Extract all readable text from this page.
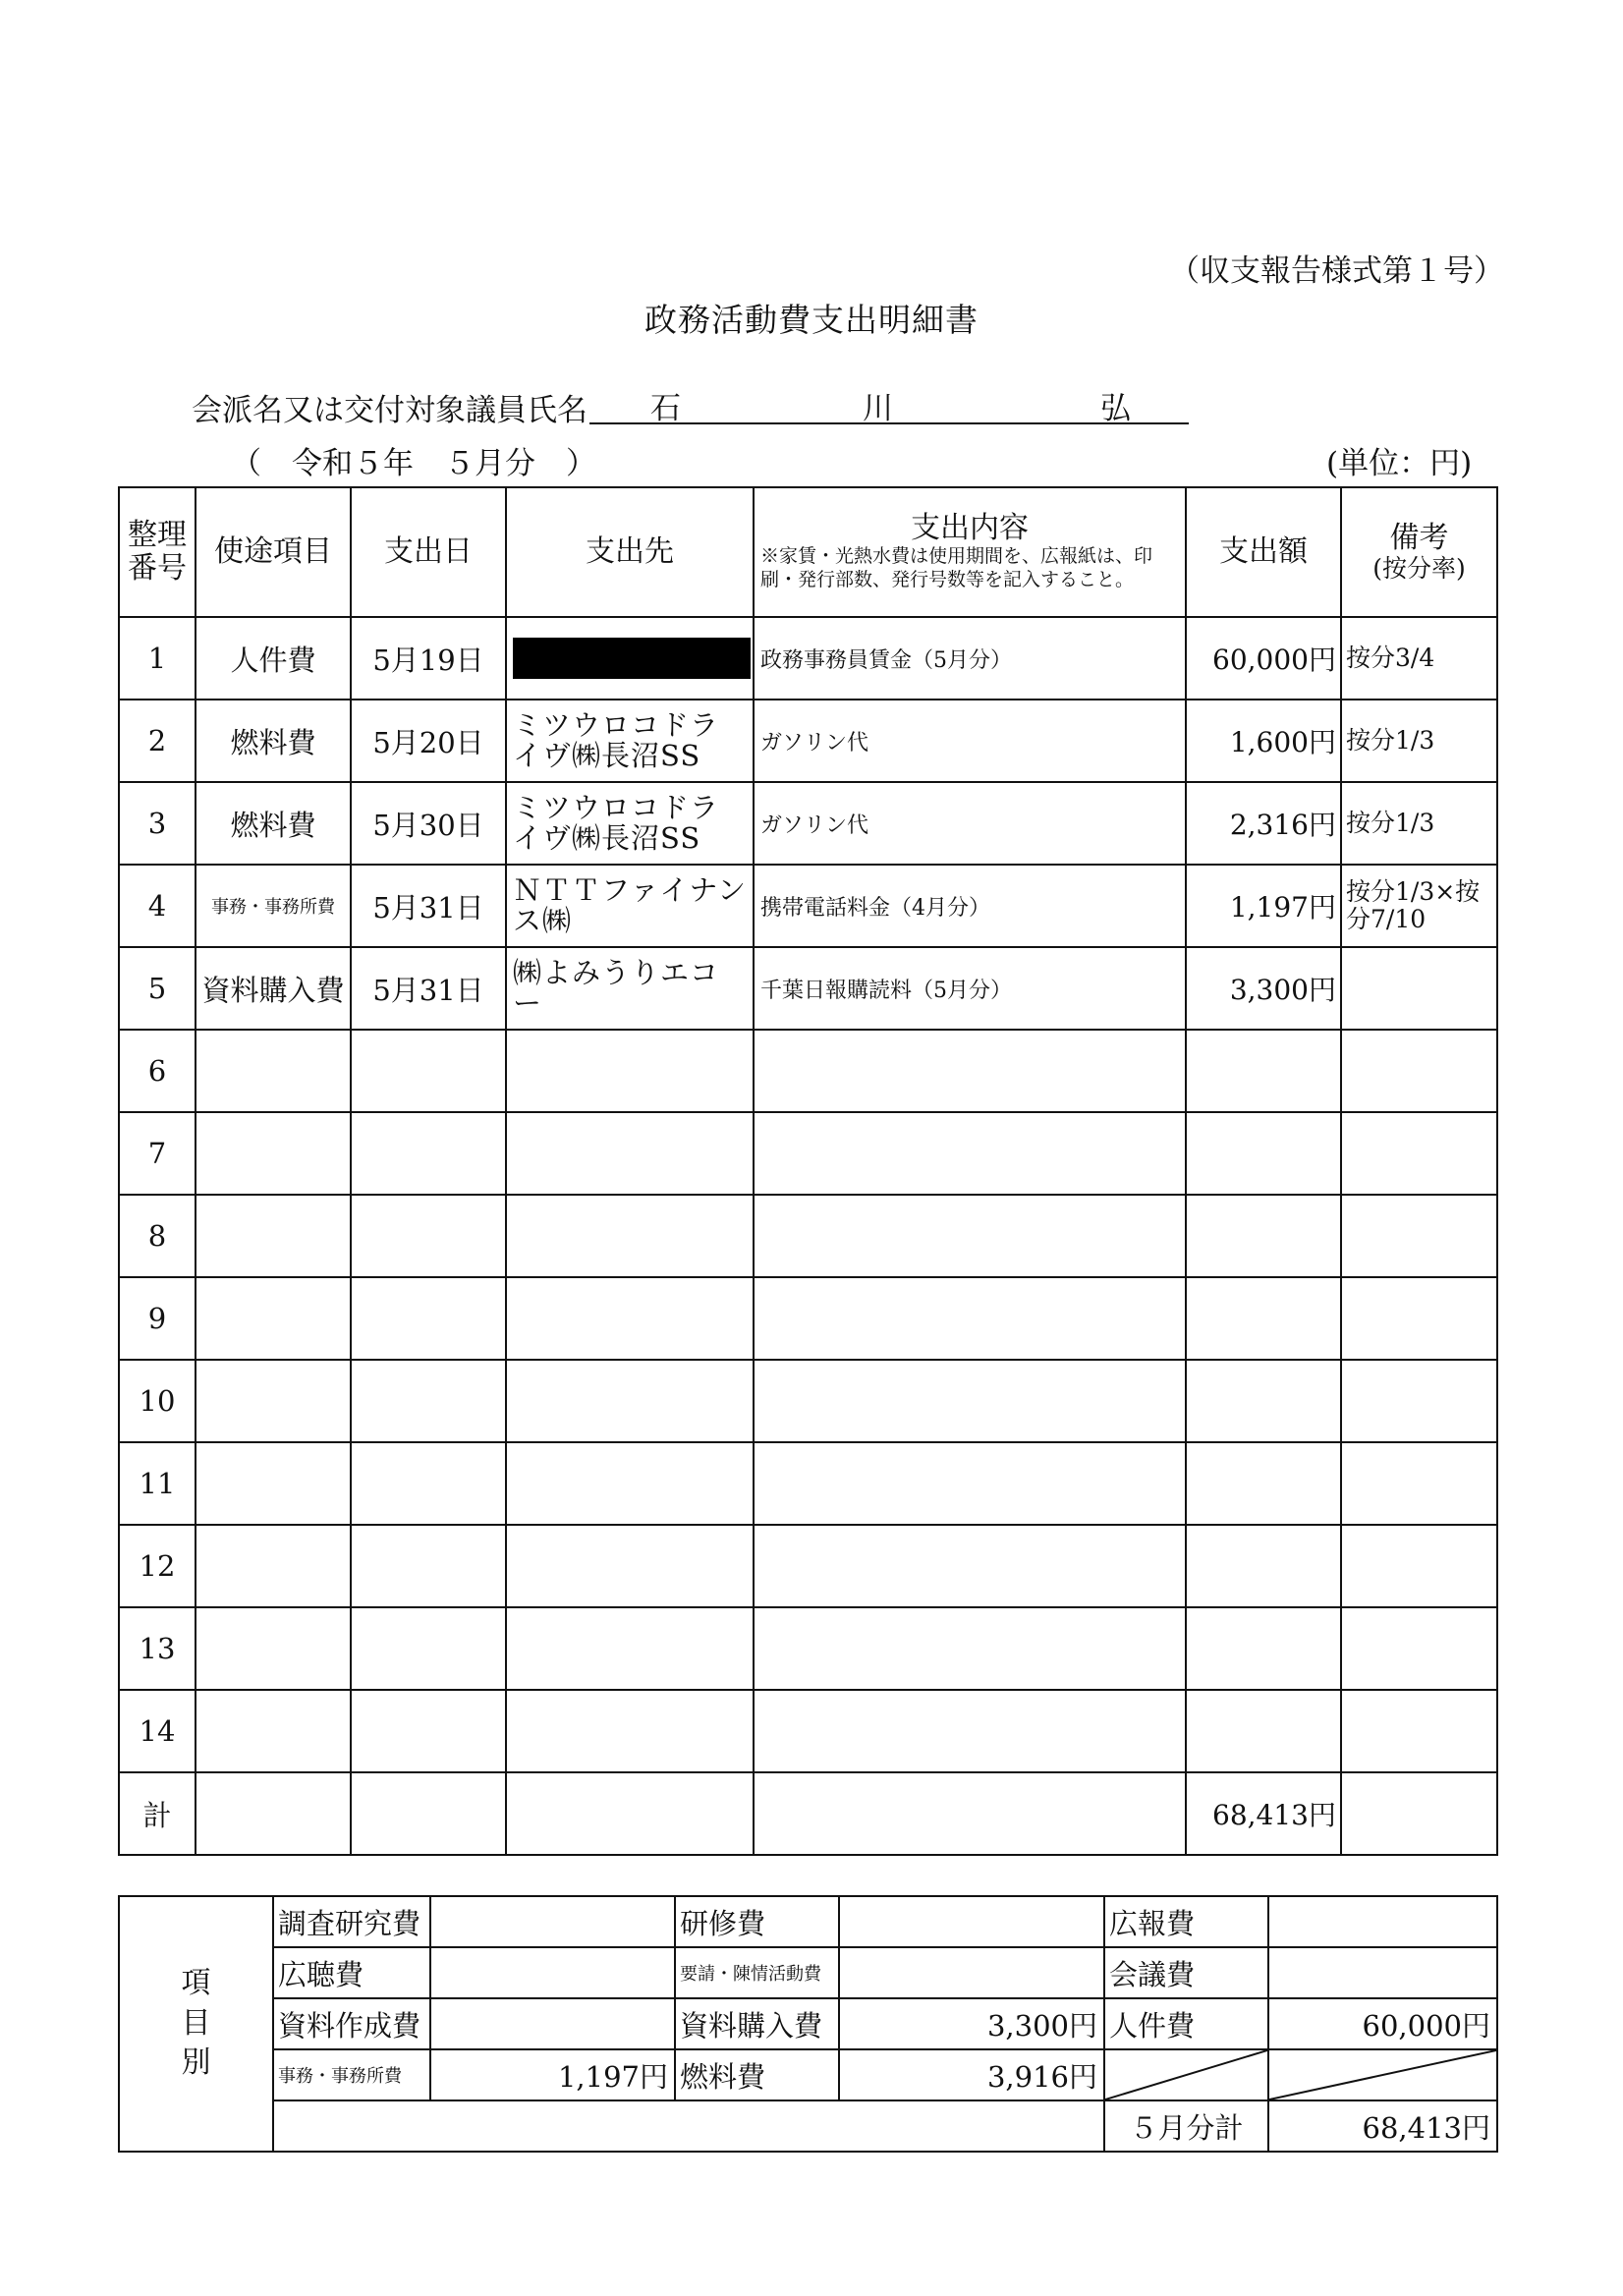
（収支報告様式第１号）
政務活動費支出明細書
会派名又は交付対象議員氏名 石	川	弘
（　令和５年　５月分　）	(単位：円)
整理番号	使途項目	支出日	支出先	支出内容
※家賃・光熱水費は使用期間を、広報紙は、印刷・発行部数、発行号数等を記入すること。	支出額	備考
(按分率)

1	人件費	5月19日		政務事務員賃金（5月分）	60,000円	按分3/4
2	燃料費	5月20日	ミツウロコドライヴ㈱長沼SS	ガソリン代	1,600円	按分1/3
3	燃料費	5月30日	ミツウロコドライヴ㈱長沼SS	ガソリン代	2,316円	按分1/3
4	事務・事務所費	5月31日	ＮＴＴファイナンス㈱	携帯電話料金（4月分）	1,197円	按分1/3×按分7/10
5	資料購入費	5月31日	㈱よみうりエコー	千葉日報購読料（5月分）	3,300円	
6						
7						
8						
9						
10						
11						
12						
13						
14						
計					68,413円	
項
目
別	調査研究費		研修費		広報費	
	広聴費		要請・陳情活動費		会議費	
	資料作成費		資料購入費	3,300円	人件費	60,000円
	事務・事務所費	1,197円	燃料費	3,916円	

					５月分計	68,413円
